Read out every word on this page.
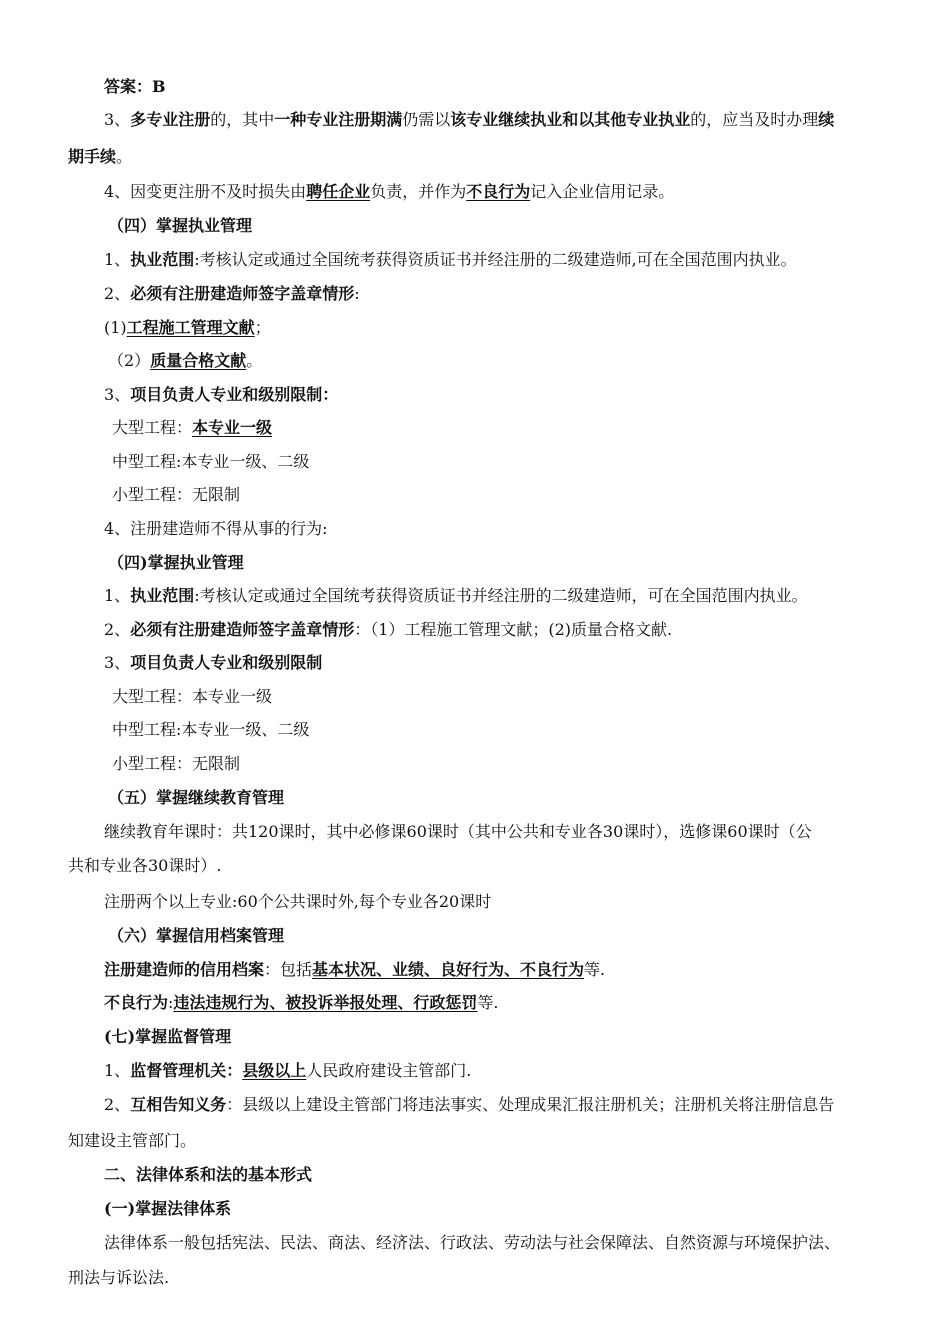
答案：B
3、多专业注册的，其中一种专业注册期满仍需以该专业继续执业和以其他专业执业的，应当及时办理续
期手续。
4、因变更注册不及时损失由聘任企业负责，并作为不良行为记入企业信用记录。
（四）掌握执业管理
1、执业范围:考核认定或通过全国统考获得资质证书并经注册的二级建造师,可在全国范围内执业。
2、必须有注册建造师签字盖章情形:
(1)工程施工管理文献；
（2）质量合格文献。
3、项目负责人专业和级别限制：
大型工程：本专业一级
中型工程:本专业一级、二级
小型工程：无限制
4、注册建造师不得从事的行为:
（四)掌握执业管理
1、执业范围:考核认定或通过全国统考获得资质证书并经注册的二级建造师，可在全国范围内执业。
2、必须有注册建造师签字盖章情形：（1）工程施工管理文献；(2)质量合格文献.
3、项目负责人专业和级别限制
大型工程：本专业一级
中型工程:本专业一级、二级
小型工程：无限制
（五）掌握继续教育管理
继续教育年课时：共120课时，其中必修课60课时（其中公共和专业各30课时），选修课60课时（公
共和专业各30课时）.
注册两个以上专业:60个公共课时外,每个专业各20课时
（六）掌握信用档案管理
注册建造师的信用档案：包括基本状况、业绩、良好行为、不良行为等.
不良行为:违法违规行为、被投诉举报处理、行政惩罚等.
(七)掌握监督管理
1、监督管理机关：县级以上人民政府建设主管部门.
2、互相告知义务：县级以上建设主管部门将违法事实、处理成果汇报注册机关；注册机关将注册信息告
知建设主管部门。
二、法律体系和法的基本形式
(一)掌握法律体系
法律体系一般包括宪法、民法、商法、经济法、行政法、劳动法与社会保障法、自然资源与环境保护法、
刑法与诉讼法.
